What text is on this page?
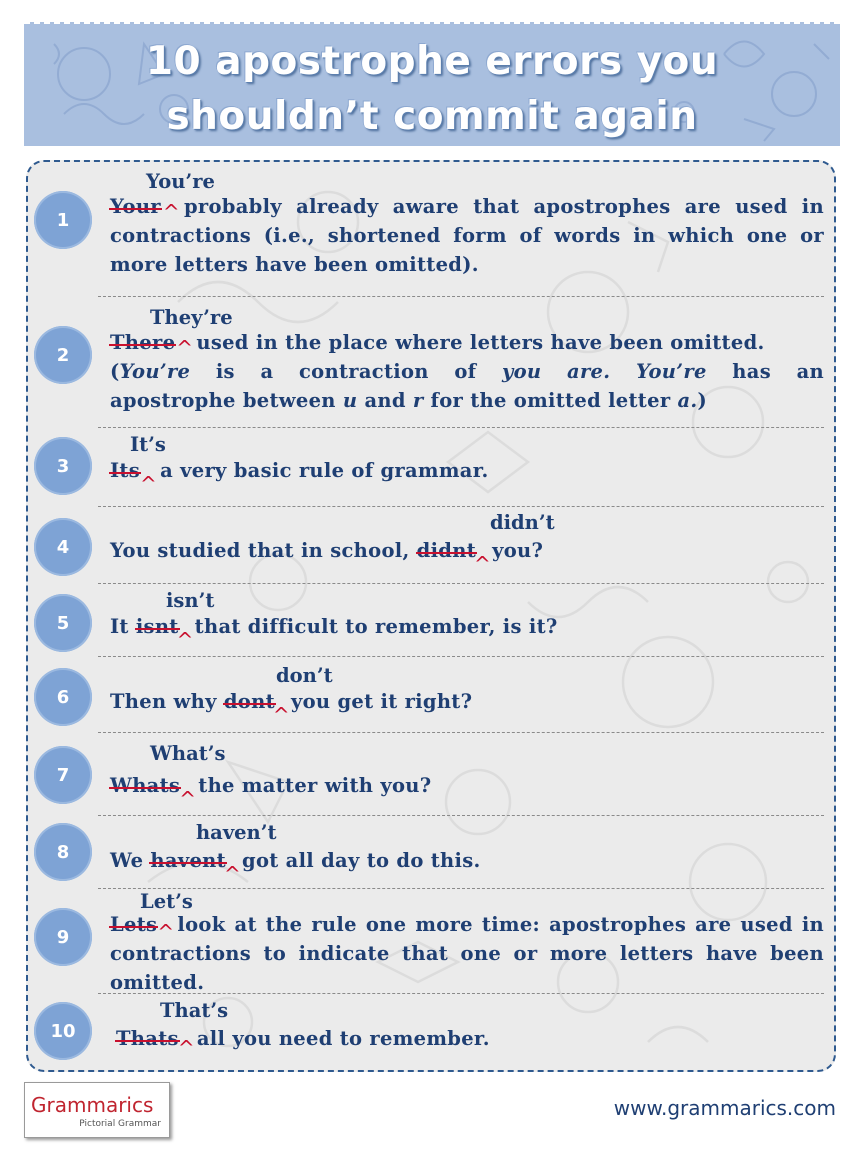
10 apostrophe errors you
shouldn’t commit again
1
You’re
Your ^ probably already aware that apostrophes are used in contractions (i.e., shortened form of words in which one or more letters have been omitted).
2
They’re
There^ used in the place where letters have been omitted.
(You’re is a contraction of you are. You’re has an
apostrophe between u and r for the omitted letter a.)
3
It’s
Its^a very basic rule of grammar.
4
didn’t
You studied that in school, didnt^you?
5
isn’t
It isnt^that difficult to remember, is it?
6
don’t
Then why dont^you get it right?
7
What’s
Whats^the matter with you?
8
haven’t
We havent^got all day to do this.
9
Let’s
Lets^ look at the rule one more time: apostrophes are used in contractions to indicate that one or more letters have been omitted.
10
That’s
Thats^ all you need to remember.
Grammarics
Pictorial Grammar
www.grammarics.com
